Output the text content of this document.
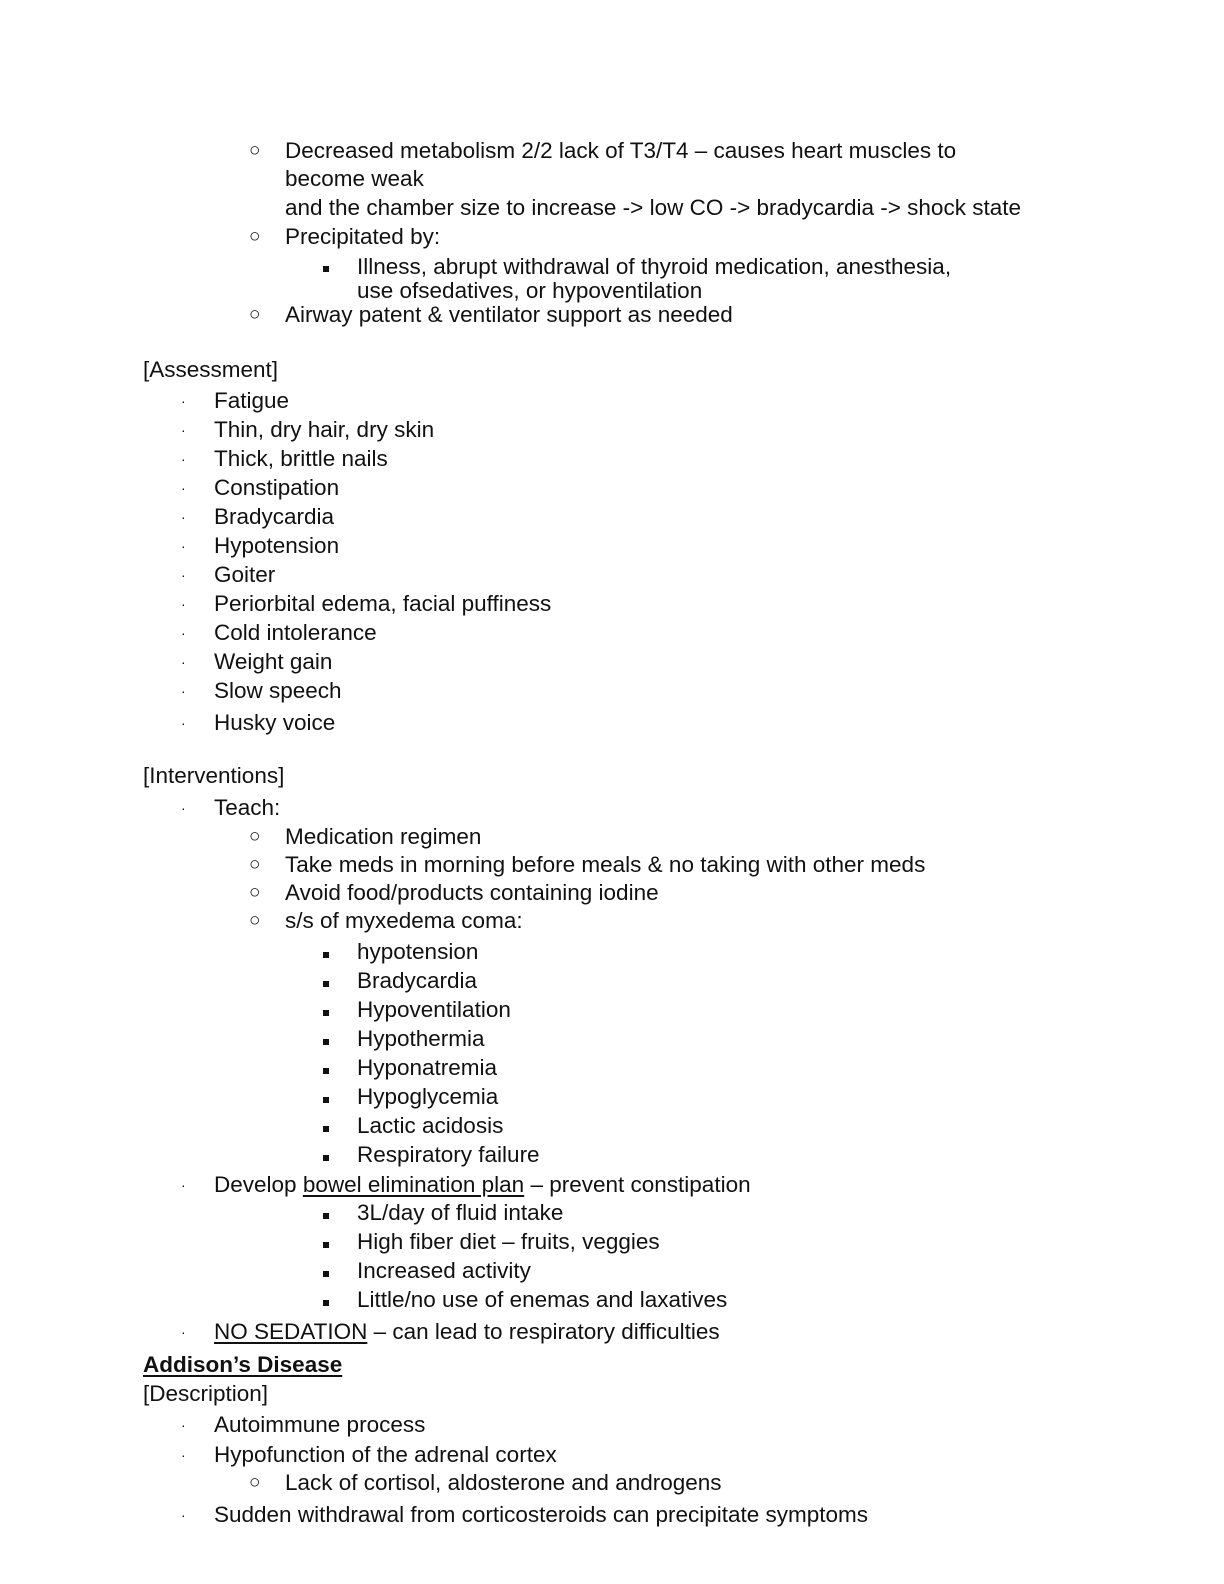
○ Decreased metabolism 2/2 lack of T3/T4 – causes heart muscles to
become weak
and the chamber size to increase -> low CO -> bradycardia -> shock state
○ Precipitated by:
Illness, abrupt withdrawal of thyroid medication, anesthesia,
use ofsedatives, or hypoventilation
○ Airway patent & ventilator support as needed
[Assessment]
· Fatigue
· Thin, dry hair, dry skin
· Thick, brittle nails
· Constipation
· Bradycardia
· Hypotension
· Goiter
· Periorbital edema, facial puffiness
· Cold intolerance
· Weight gain
· Slow speech
· Husky voice
[Interventions]
· Teach:
○ Medication regimen
○ Take meds in morning before meals & no taking with other meds
○ Avoid food/products containing iodine
○ s/s of myxedema coma:
hypotension
Bradycardia
Hypoventilation
Hypothermia
Hyponatremia
Hypoglycemia
Lactic acidosis
Respiratory failure
· Develop bowel elimination plan – prevent constipation
3L/day of fluid intake
High fiber diet – fruits, veggies
Increased activity
Little/no use of enemas and laxatives
· NO SEDATION – can lead to respiratory difficulties
Addison’s Disease
[Description]
· Autoimmune process
· Hypofunction of the adrenal cortex
○ Lack of cortisol, aldosterone and androgens
· Sudden withdrawal from corticosteroids can precipitate symptoms
